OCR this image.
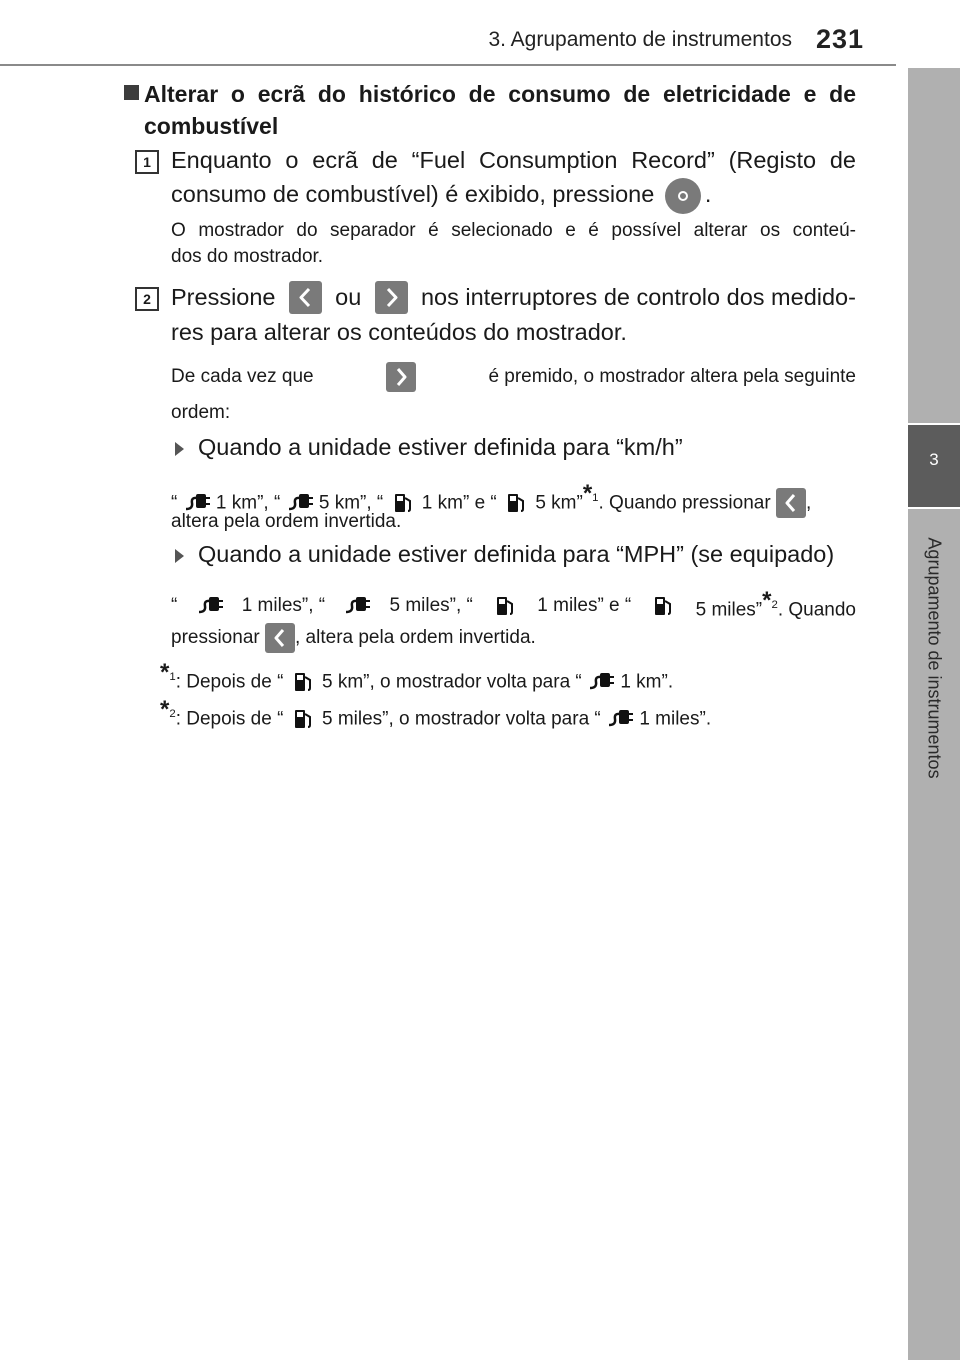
3. Agrupamento de instrumentos 231
3
Agrupamento de instrumentos
Alterar o ecrã do histórico de consumo de eletricidade e de
combustível
1 Enquanto o ecrã de “Fuel Consumption Record” (Registo de
consumo de combustível) é exibido, pressione .
O mostrador do separador é selecionado e é possível alterar os conteú-
dos do mostrador.
2 Pressione	ou	nos interruptores de controlo dos medido-
res para alterar os conteúdos do mostrador.
De cada vez que	é premido, o mostrador altera pela seguinte
ordem:
Quando a unidade estiver definida para “km/h”
“ 1 km”, “ 5 km”, “ 1 km” e “ 5 km”$^{*1}$. Quando pressionar ,
altera pela ordem invertida.
Quando a unidade estiver definida para “MPH” (se equipado)
“	1 miles”, “	5 miles”, “	1 miles” e “	5 miles”$^{*2}$. Quando
pressionar , altera pela ordem invertida.
$^{*1}$: Depois de “ 5 km”, o mostrador volta para “ 1 km”.
$^{*2}$: Depois de “ 5 miles”, o mostrador volta para “ 1 miles”.
